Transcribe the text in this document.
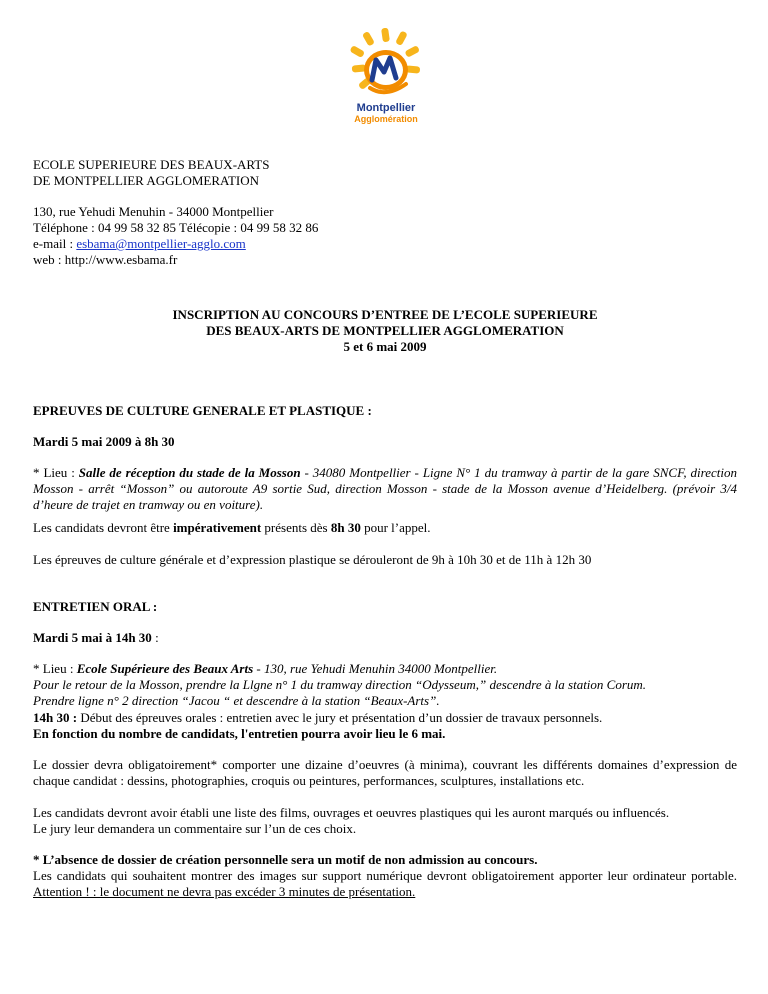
Montpellier
Agglomération

ECOLE SUPERIEURE DES BEAUX-ARTS

DE MONTPELLIER AGGLOMERATION

130, rue Yehudi Menuhin - 34000 Montpellier

Téléphone : 04 99 58 32 85 Télécopie : 04 99 58 32 86

e-mail : esbama@montpellier-agglo.com

web : http://www.esbama.fr

INSCRIPTION AU CONCOURS D’ENTREE DE L’ECOLE SUPERIEURE

DES BEAUX-ARTS DE MONTPELLIER AGGLOMERATION

5 et 6 mai 2009

EPREUVES DE CULTURE GENERALE ET PLASTIQUE :
Mardi 5 mai 2009 à 8h 30
* Lieu : Salle de réception du stade de la Mosson - 34080 Montpellier - Ligne N° 1 du tramway à partir de la gare SNCF, direction Mosson - arrêt “Mosson” ou autoroute A9 sortie Sud, direction Mosson - stade de la Mosson avenue d’Heidelberg. (prévoir 3/4 d’heure de trajet en tramway ou en voiture).
Les candidats devront être impérativement présents dès 8h 30 pour l’appel.
Les épreuves de culture générale et d’expression plastique se dérouleront de 9h à 10h 30 et de 11h à 12h 30
ENTRETIEN ORAL :
Mardi 5 mai à 14h 30 :

* Lieu : Ecole Supérieure des Beaux Arts - 130, rue Yehudi Menuhin 34000 Montpellier.

Pour le retour de la Mosson, prendre la Llgne n° 1 du tramway direction “Odysseum,” descendre à la station Corum.

Prendre ligne n° 2 direction “Jacou “ et descendre à la station “Beaux-Arts”.

14h 30 : Début des épreuves orales : entretien avec le jury et présentation d’un dossier de travaux personnels.

En fonction du nombre de candidats, l'entretien pourra avoir lieu le 6 mai.

Le dossier devra obligatoirement* comporter une dizaine d’oeuvres (à minima), couvrant les différents domaines d’expression de chaque candidat : dessins, photographies, croquis ou peintures, performances, sculptures, installations etc.

Les candidats devront avoir établi une liste des films, ouvrages et oeuvres plastiques qui les auront marqués ou influencés.

Le jury leur demandera un commentaire sur l’un de ces choix.

* L’absence de dossier de création personnelle sera un motif de non admission au concours.

Les candidats qui souhaitent montrer des images sur support numérique devront obligatoirement apporter leur ordinateur portable. Attention ! : le document ne devra pas excéder 3 minutes de présentation.
